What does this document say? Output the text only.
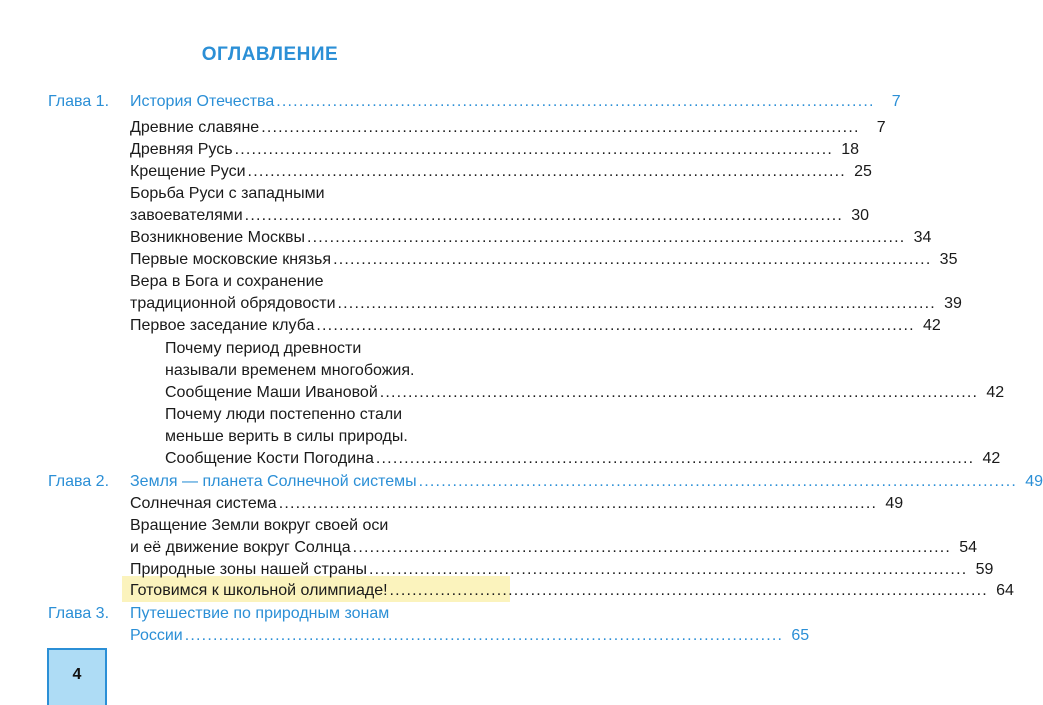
ОГЛАВЛЕНИЕ
Глава 1. История Отечества ..........................................................................................................	7
Древние славяне ..........................................................................................................	7
Древняя Русь .......................................................................................................... 18
Крещение Руси .......................................................................................................... 25
Борьба Руси с западными
завоевателями .......................................................................................................... 30
Возникновение Москвы .......................................................................................................... 34
Первые московские князья .......................................................................................................... 35
Вера в Бога и сохранение
традиционной обрядовости .......................................................................................................... 39
Первое заседание клуба .......................................................................................................... 42
Почему период древности
называли временем многобожия.
Сообщение Маши Ивановой .......................................................................................................... 42
Почему люди постепенно стали
меньше верить в силы природы.
Сообщение Кости Погодина .......................................................................................................... 42
Глава 2. Земля — планета Солнечной системы .......................................................................................................... 49
Солнечная система .......................................................................................................... 49
Вращение Земли вокруг своей оси
и её движение вокруг Солнца .......................................................................................................... 54
Природные зоны нашей страны .......................................................................................................... 59
Готовимся к школьной олимпиаде! .......................................................................................................... 64
Глава 3. Путешествие по природным зонам
России .......................................................................................................... 65
4
